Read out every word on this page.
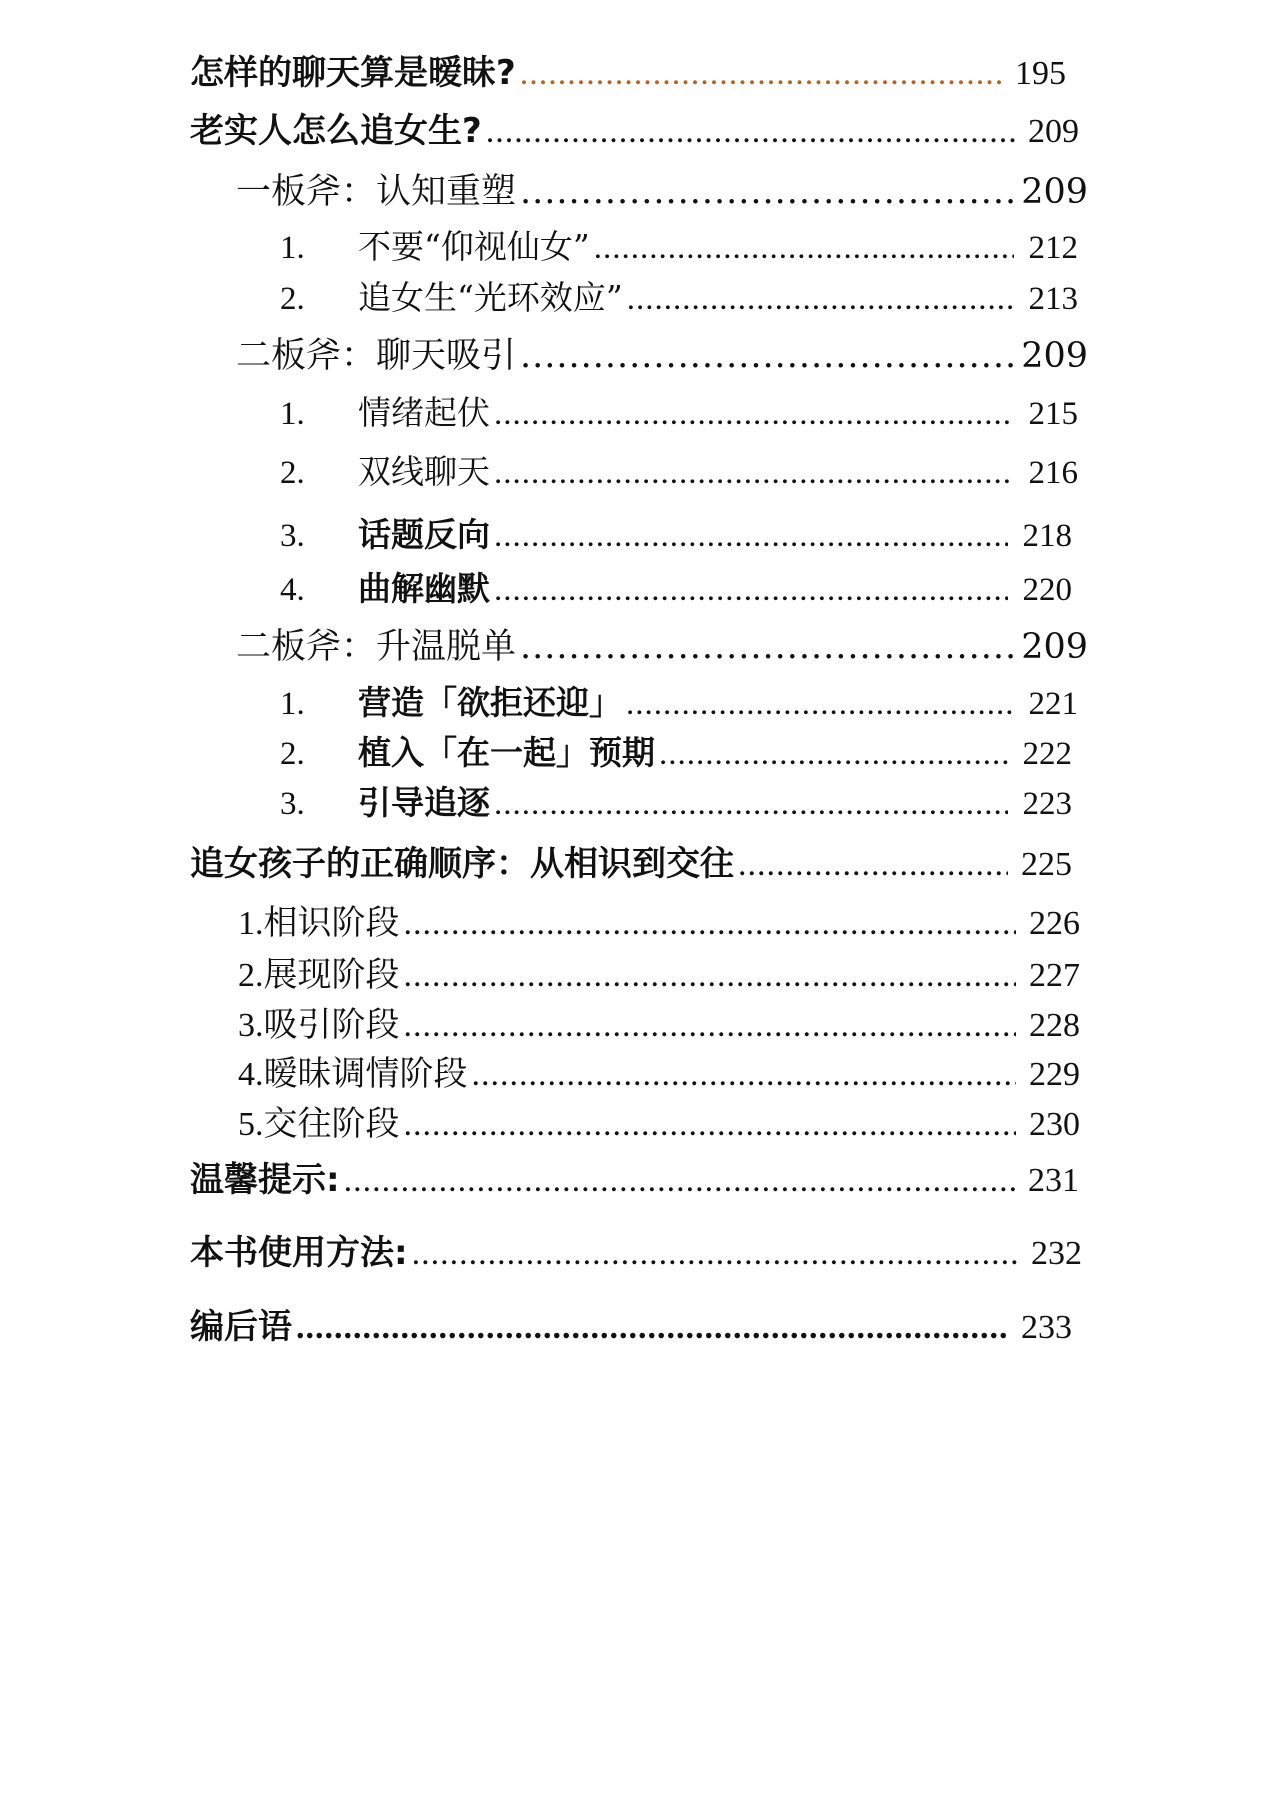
怎样的聊天算是暧昧? .....	195
老实人怎么追女生? .....	209
一板斧：认知重塑 .....	209
1.	不要“仰视仙女” .....	212
2.	追女生“光环效应” .....	213
二板斧：聊天吸引 .....	209
1.	情绪起伏 .....	215
2.	双线聊天 .....	216
3.	话题反向 .....	218
4.	曲解幽默 .....	220
二板斧：升温脱单 .....	209
1.	营造「欲拒还迎」 .....	221
2.	植入「在一起」预期 .....	222
3.	引导追逐 .....	223
追女孩子的正确顺序：从相识到交往 .....	225
1. 相识阶段 .....	226
2. 展现阶段 .....	227
3. 吸引阶段 .....	228
4. 暧昧调情阶段 .....	229
5. 交往阶段 .....	230
温馨提示: .....	231
本书使用方法: .....	232
编后语 .....	233
